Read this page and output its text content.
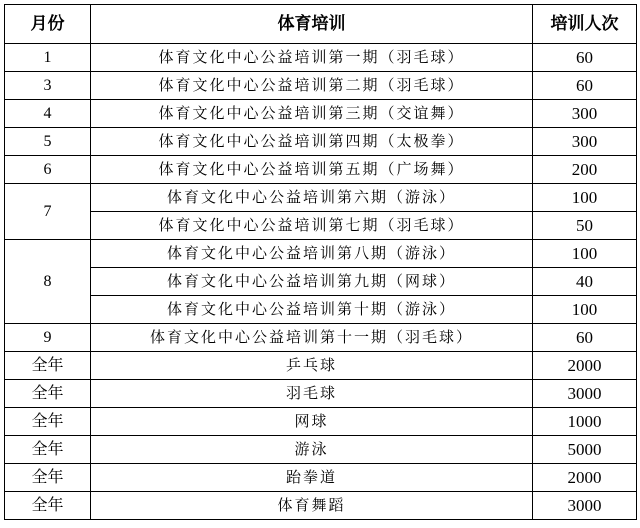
月份	体育培训	培训人次
1	体育文化中心公益培训第一期（羽毛球）	60
3	体育文化中心公益培训第二期（羽毛球）	60
4	体育文化中心公益培训第三期（交谊舞）	300
5	体育文化中心公益培训第四期（太极拳）	300
6	体育文化中心公益培训第五期（广场舞）	200
7	体育文化中心公益培训第六期（游泳）	100
	体育文化中心公益培训第七期（羽毛球）	50
8	体育文化中心公益培训第八期（游泳）	100
	体育文化中心公益培训第九期（网球）	40
	体育文化中心公益培训第十期（游泳）	100
9	体育文化中心公益培训第十一期（羽毛球）	60
全年	乒乓球	2000
全年	羽毛球	3000
全年	网球	1000
全年	游泳	5000
全年	跆拳道	2000
全年	体育舞蹈	3000
